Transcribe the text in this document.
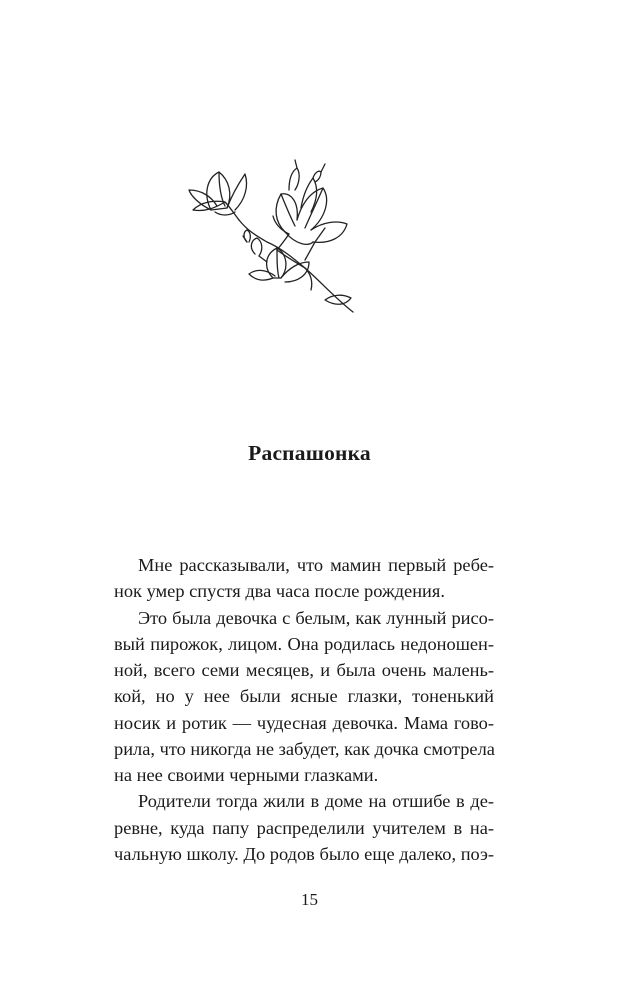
Распашонка
Мне рассказывали, что мамин первый ребе-
нок умер спустя два часа после рождения.
Это была девочка с белым, как лунный рисо-
вый пирожок, лицом. Она родилась недоношен-
ной, всего семи месяцев, и была очень малень-
кой, но у нее были ясные глазки, тоненький
носик и ротик — чудесная девочка. Мама гово-
рила, что никогда не забудет, как дочка смотрела
на нее своими черными глазками.
Родители тогда жили в доме на отшибе в де-
ревне, куда папу распределили учителем в на-
чальную школу. До родов было еще далеко, поэ-
15
